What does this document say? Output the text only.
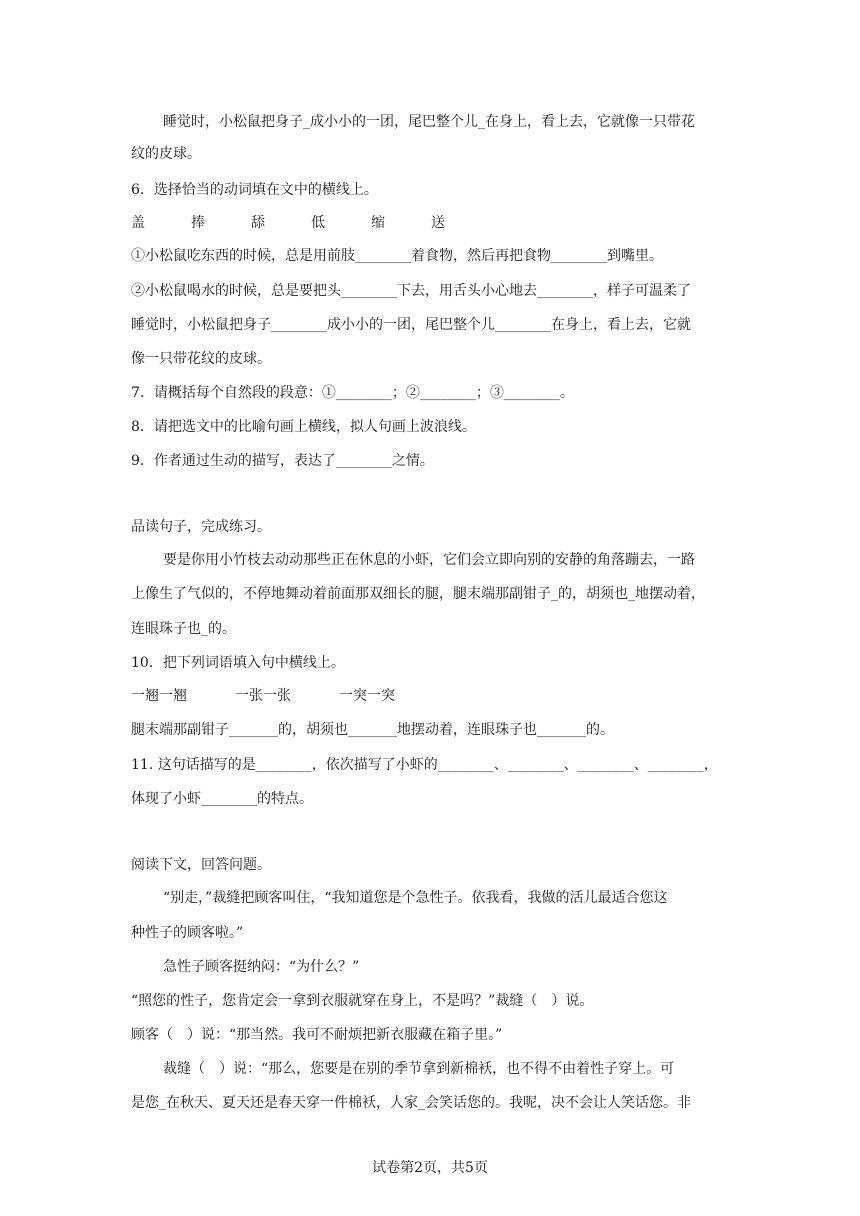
睡觉时，小松鼠把身子_成小小的一团，尾巴整个儿_在身上，看上去，它就像一只带花
纹的皮球。
6．选择恰当的动词填在文中的横线上。
盖	捧	舔	低	缩	送
①小松鼠吃东西的时候，总是用前肢________着食物，然后再把食物________到嘴里。
②小松鼠喝水的时候，总是要把头________下去，用舌头小心地去________，样子可温柔了
睡觉时，小松鼠把身子________成小小的一团，尾巴整个儿________在身上，看上去，它就
像一只带花纹的皮球。
7．请概括每个自然段的段意：①________；②________；③________。
8．请把选文中的比喻句画上横线，拟人句画上波浪线。
9．作者通过生动的描写，表达了________之情。
品读句子，完成练习。
要是你用小竹枝去动动那些正在休息的小虾，它们会立即向别的安静的角落蹦去，一路
上像生了气似的，不停地舞动着前面那双细长的腿，腿末端那副钳子_的，胡须也_地摆动着，
连眼珠子也_的。
10．把下列词语填入句中横线上。
一翘一翘	一张一张	一突一突
腿末端那副钳子_______的，胡须也_______地摆动着，连眼珠子也_______的。
11. 这句话描写的是________，依次描写了小虾的________、________、________、________，
体现了小虾________的特点。
阅读下文，回答问题。
“别走，”裁缝把顾客叫住，“我知道您是个急性子。依我看，我做的活儿最适合您这
种性子的顾客啦。”
急性子顾客挺纳闷：“为什么？”
“照您的性子，您肯定会一拿到衣服就穿在身上，不是吗？”裁缝（　）说。
顾客（　）说：“那当然。我可不耐烦把新衣服藏在箱子里。”
裁缝（　）说：“那么，您要是在别的季节拿到新棉袄，也不得不由着性子穿上。可
是您_在秋天、夏天还是春天穿一件棉袄，人家_会笑话您的。我呢，决不会让人笑话您。非
试卷第2页，共5页
